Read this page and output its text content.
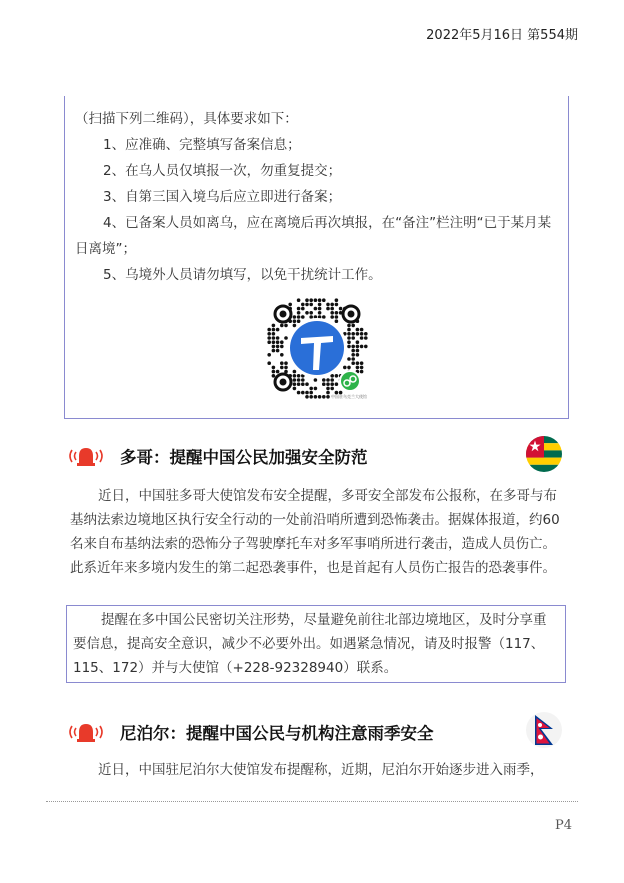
2022年5月16日 第554期

（扫描下列二维码），具体要求如下：

1、应准确、完整填写备案信息；

2、在乌人员仅填报一次，勿重复提交；

3、自第三国入境乌后应立即进行备案；

4、已备案人员如离乌，应在离境后再次填报，在“备注”栏注明“已于某月某日离境”；

5、乌境外人员请勿填写，以免干扰统计工作。

中国驻乌克兰大使馆
多哥：提醒中国公民加强安全防范

近日，中国驻多哥大使馆发布安全提醒，多哥安全部发布公报称，在多哥与布基纳法索边境地区执行安全行动的一处前沿哨所遭到恐怖袭击。据媒体报道，约60名来自布基纳法索的恐怖分子驾驶摩托车对多军事哨所进行袭击，造成人员伤亡。此系近年来多境内发生的第二起恐袭事件，也是首起有人员伤亡报告的恐袭事件。

提醒在多中国公民密切关注形势，尽量避免前往北部边境地区，及时分享重要信息，提高安全意识，减少不必要外出。如遇紧急情况，请及时报警（117、115、172）并与大使馆（+228-92328940）联系。

尼泊尔：提醒中国公民与机构注意雨季安全

近日，中国驻尼泊尔大使馆发布提醒称，近期，尼泊尔开始逐步进入雨季，

P4
